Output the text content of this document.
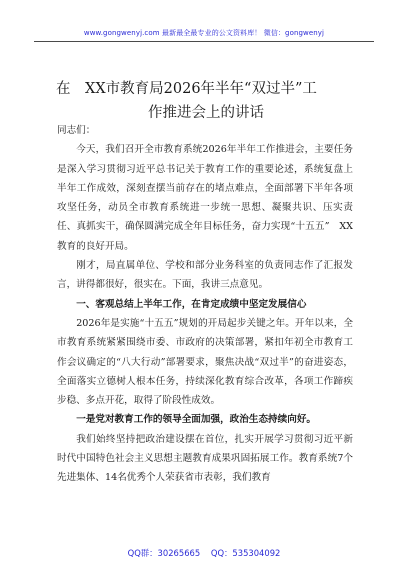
www.gongwenyj.com 最新最全最专业的公文资料库！ 微信：gongwenyj
在　XX市教育局2026年半年“双过半”工
作推进会上的讲话

同志们：

今天，我们召开全市教育系统2026年半年工作推进会，主要任务是深入学习贯彻习近平总书记关于教育工作的重要论述，系统复盘上半年工作成效，深刻查摆当前存在的堵点难点，全面部署下半年各项攻坚任务，动员全市教育系统进一步统一思想、凝聚共识、压实责任、真抓实干，确保圆满完成全年目标任务，奋力实现“十五五”　XX教育的良好开局。

刚才，局直属单位、学校和部分业务科室的负责同志作了汇报发言，讲得都很好，很实在。下面，我讲三点意见。

一、客观总结上半年工作，在肯定成绩中坚定发展信心

2026年是实施“十五五”规划的开局起步关键之年。开年以来，全市教育系统紧紧围绕市委、市政府的决策部署，紧扣年初全市教育工作会议确定的“八大行动”部署要求，聚焦决战“双过半”的奋进姿态，全面落实立德树人根本任务，持续深化教育综合改革，各项工作蹄疾步稳、多点开花，取得了阶段性成效。

一是党对教育工作的领导全面加强，政治生态持续向好。

我们始终坚持把政治建设摆在首位，扎实开展学习贯彻习近平新时代中国特色社会主义思想主题教育成果巩固拓展工作。教育系统7个先进集体、14名优秀个人荣获省市表彰，我们教育

QQ群：30265665 QQ：535304092
